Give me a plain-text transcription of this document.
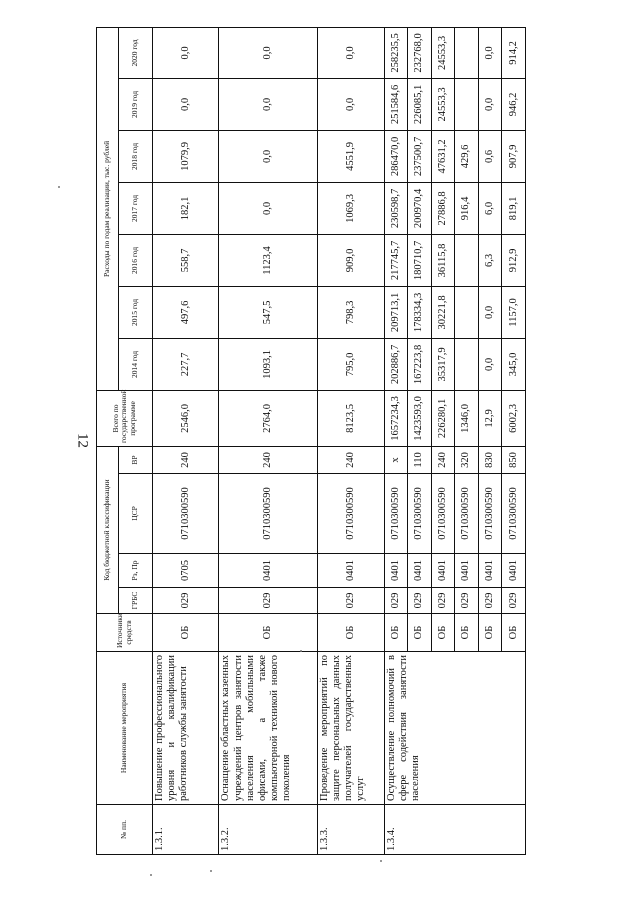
12
№ пп.	Наименование мероприятия	Источники средств	Код бюджетной классификации				Всего по государственной программе	Расходы по годам реализации, тыс. рублей						
			ГРБС	Рз, Пр	ЦСР	ВР		2014 год	2015 год	2016 год	2017 год	2018 год	2019 год	2020 год
1.3.1.	Повышение профессионального уровня и квалификации работников службы занятости	ОБ	029	0705	0710300590	240	2546,0	227,7	497,6	558,7	182,1	1079,9	0,0	0,0
1.3.2.	Оснащение областных казенных учреждений центров занятости населения мобильными офисами, а также компьютерной техникой нового поколения	ОБ	029	0401	0710300590	240	2764,0	1093,1	547,5	1123,4	0,0	0,0	0,0	0,0
1.3.3.	Проведение мероприятий по защите персональных данных получателей государственных услуг	ОБ	029	0401	0710300590	240	8123,5	795,0	798,3	909,0	1069,3	4551,9	0,0	0,0
1.3.4.	Осуществление полномочий в сфере содействия занятости населения	ОБ	029	0401	0710300590	х	1657234,3	202886,7	209713,1	217745,7	230598,7	286470,0	251584,6	258235,5
		ОБ	029	0401	0710300590	110	1423593,0	167223,8	178334,3	180710,7	200970,4	237500,7	226085,1	232768,0
		ОБ	029	0401	0710300590	240	226280,1	35317,9	30221,8	36115,8	27886,8	47631,2	24553,3	24553,3
		ОБ	029	0401	0710300590	320	1346,0				916,4	429,6		
		ОБ	029	0401	0710300590	830	12,9	0,0	0,0	6,3	6,0	0,6	0,0	0,0
		ОБ	029	0401	0710300590	850	6002,3	345,0	1157,0	912,9	819,1	907,9	946,2	914,2
